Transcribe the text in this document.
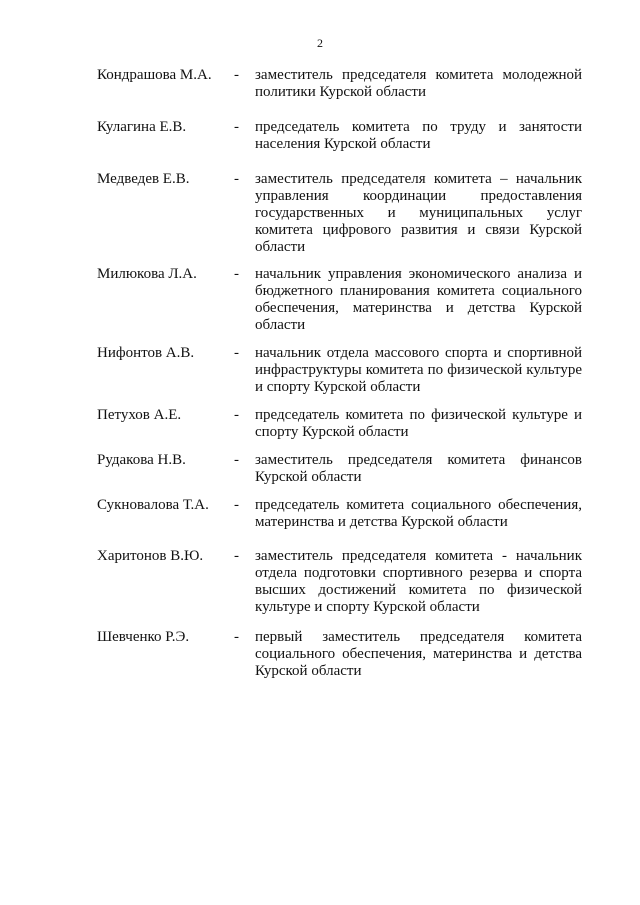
2
Кондрашова М.А. - заместитель председателя комитета молодежной политики Курской области
Кулагина Е.В.	- председатель комитета по труду и занятости населения Курской области
Медведев Е.В.	- заместитель председателя комитета – начальник управления координации предоставления государственных и муниципальных услуг комитета цифрового развития и связи Курской области
Милюкова Л.А. - начальник управления экономического анализа и бюджетного планирования комитета социального обеспечения, материнства и детства Курской области
Нифонтов А.В.	- начальник отдела массового спорта и спортивной инфраструктуры комитета по физической культуре и спорту Курской области
Петухов А.Е.	- председатель комитета по физической культуре и спорту Курской области
Рудакова Н.В.	- заместитель председателя комитета финансов Курской области
Сукновалова Т.А. - председатель комитета социального обеспечения, материнства и детства Курской области
Харитонов В.Ю. - заместитель председателя комитета - начальник отдела подготовки спортивного резерва и спорта высших достижений комитета по физической культуре и спорту Курской области
Шевченко Р.Э.	- первый заместитель председателя комитета социального обеспечения, материнства и детства Курской области
